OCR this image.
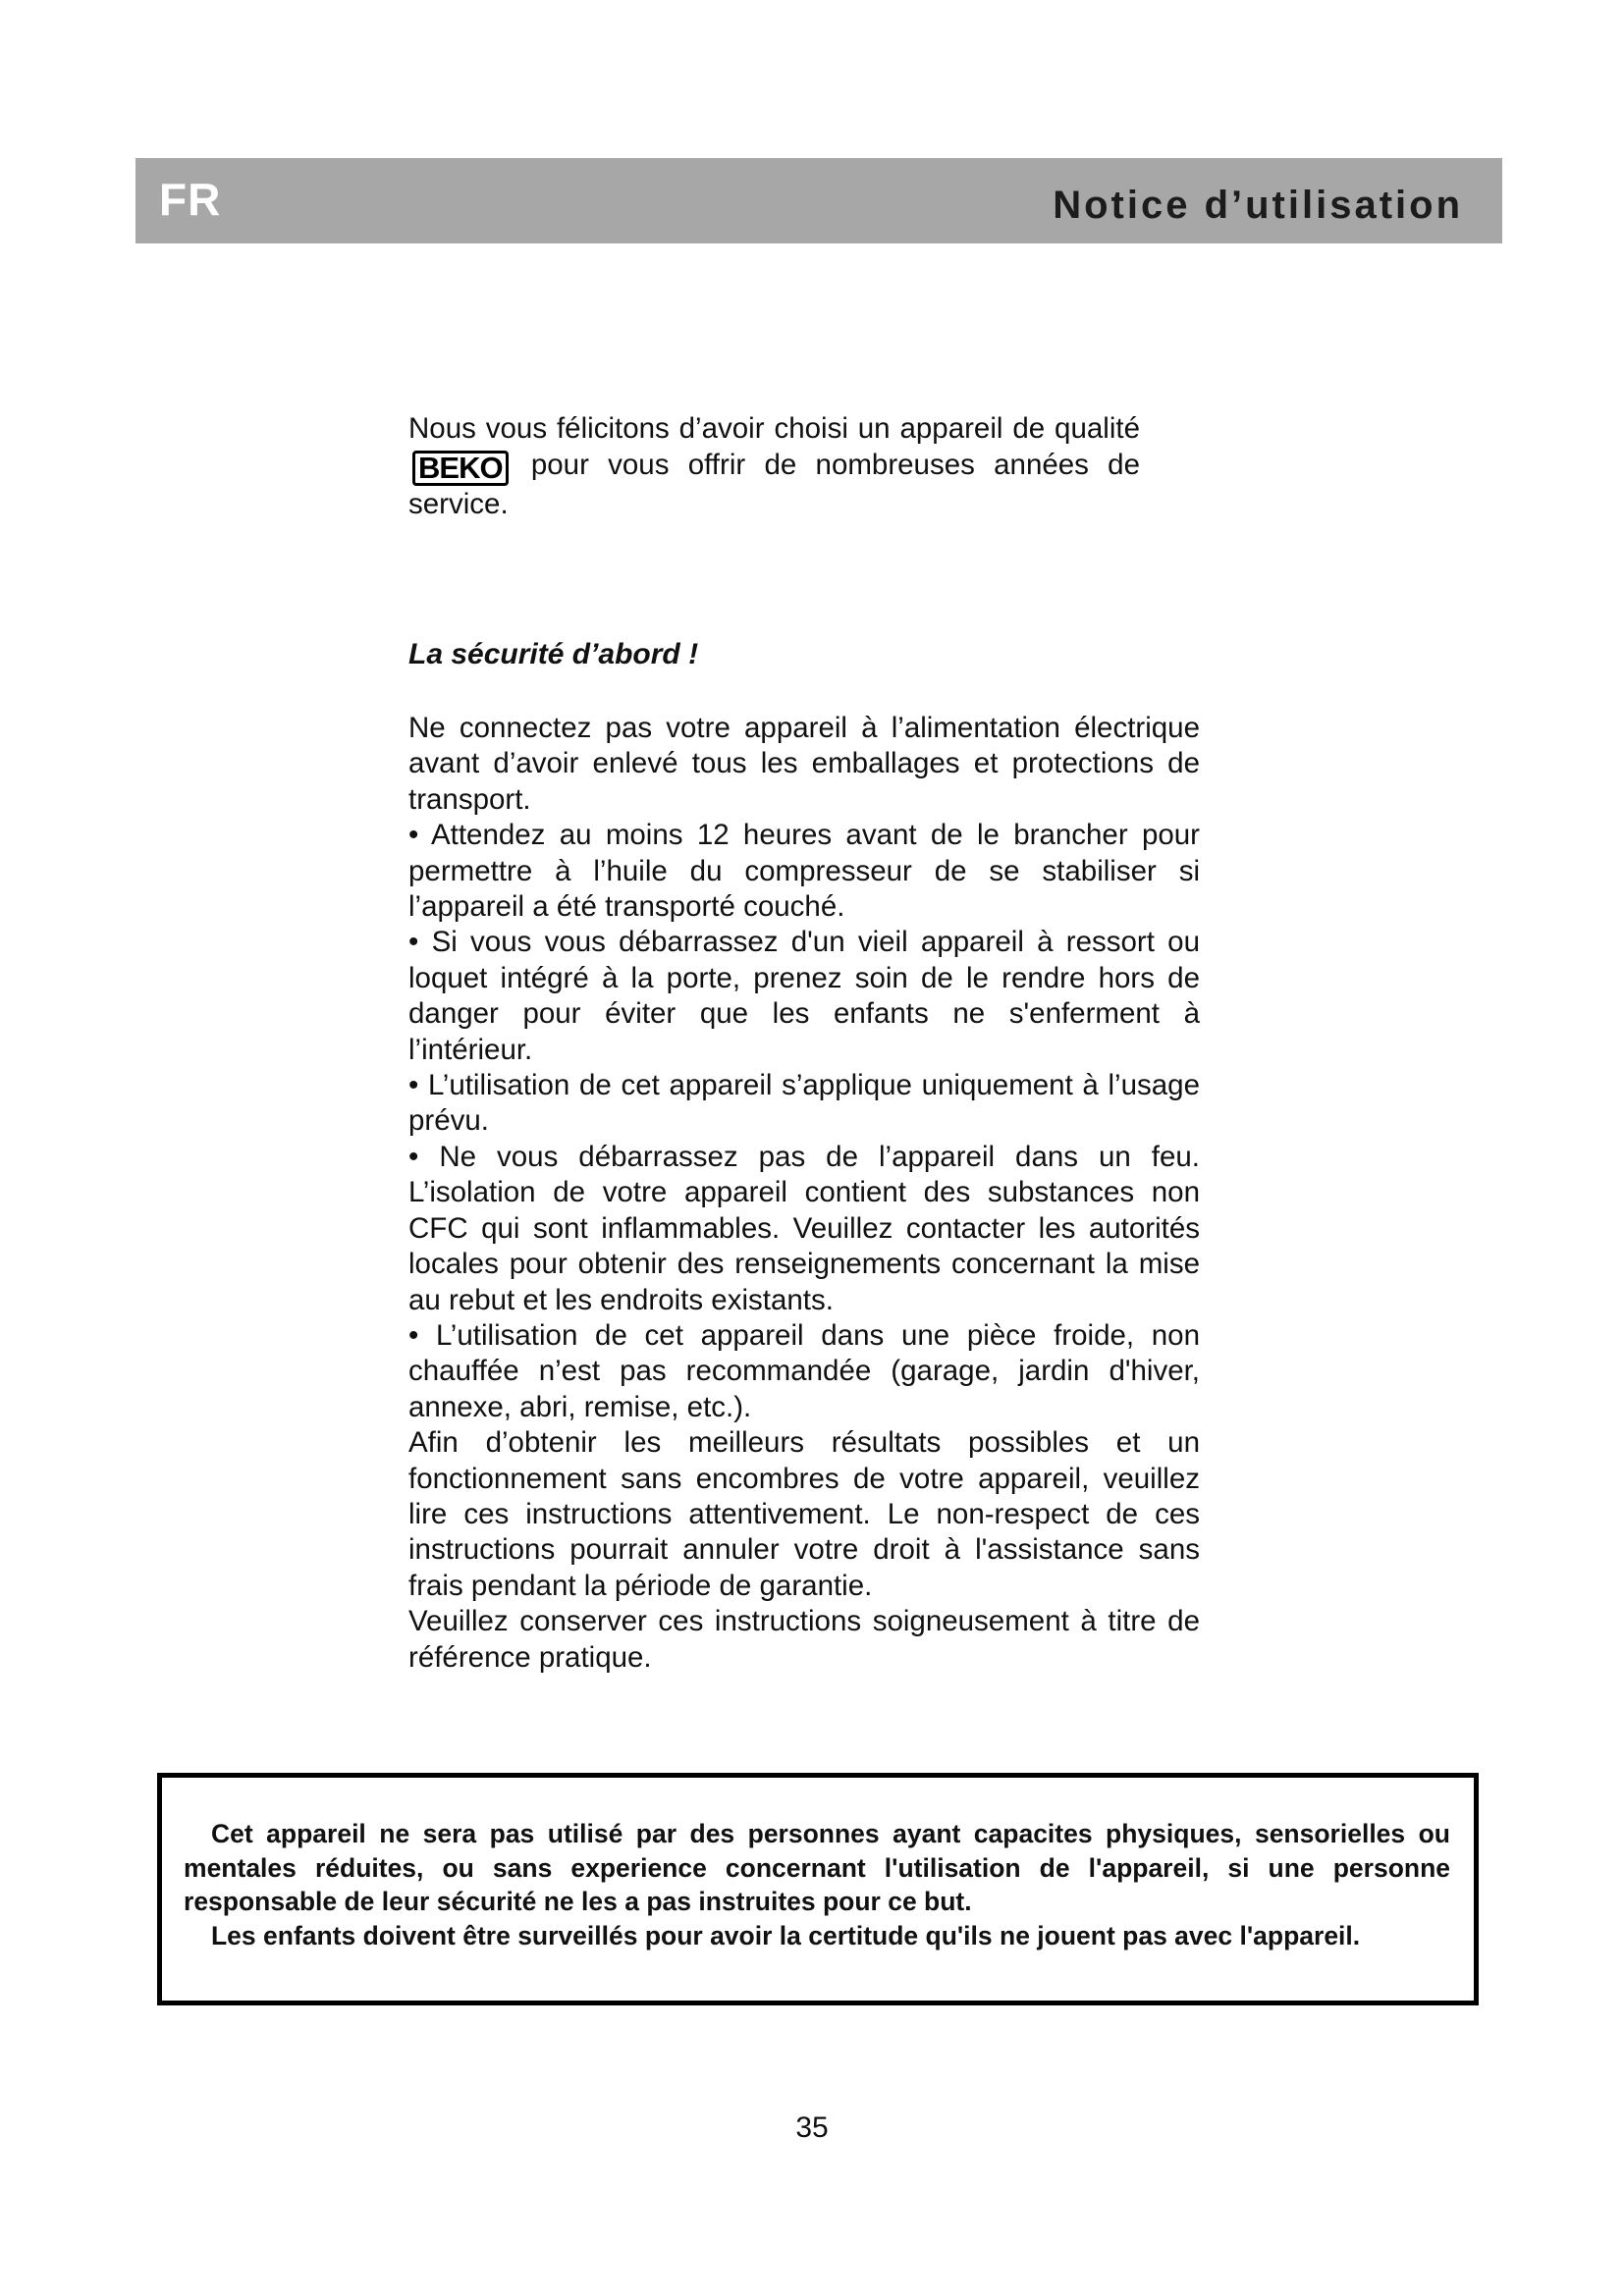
FR	Notice d’utilisation

Nous vous félicitons d’avoir choisi un appareil de qualité BEKO pour vous offrir de nombreuses années de service.

La sécurité d’abord !

Ne connectez pas votre appareil à l’alimentation électrique avant d’avoir enlevé tous les emballages et protections de transport.

• Attendez au moins 12 heures avant de le brancher pour permettre à l’huile du compresseur de se stabiliser si l’appareil a été transporté couché.

• Si vous vous débarrassez d'un vieil appareil à ressort ou loquet intégré à la porte, prenez soin de le rendre hors de danger pour éviter que les enfants ne s'enferment à l’intérieur.

• L’utilisation de cet appareil s’applique uniquement à l’usage prévu.

• Ne vous débarrassez pas de l’appareil dans un feu. L’isolation de votre appareil contient des substances non CFC qui sont inflammables. Veuillez contacter les autorités locales pour obtenir des renseignements concernant la mise au rebut et les endroits existants.

• L’utilisation de cet appareil dans une pièce froide, non chauffée n’est pas recommandée (garage, jardin d'hiver, annexe, abri, remise, etc.).

Afin d’obtenir les meilleurs résultats possibles et un fonctionnement sans encombres de votre appareil, veuillez lire ces instructions attentivement. Le non-respect de ces instructions pourrait annuler votre droit à l'assistance sans frais pendant la période de garantie.

Veuillez conserver ces instructions soigneusement à titre de référence pratique.

Cet appareil ne sera pas utilisé par des personnes ayant capacites physiques, sensorielles ou mentales réduites, ou sans experience concernant l'utilisation de l'appareil, si une personne responsable de leur sécurité ne les a pas instruites pour ce but.

Les enfants doivent être surveillés pour avoir la certitude qu'ils ne jouent pas avec l'appareil.

35
